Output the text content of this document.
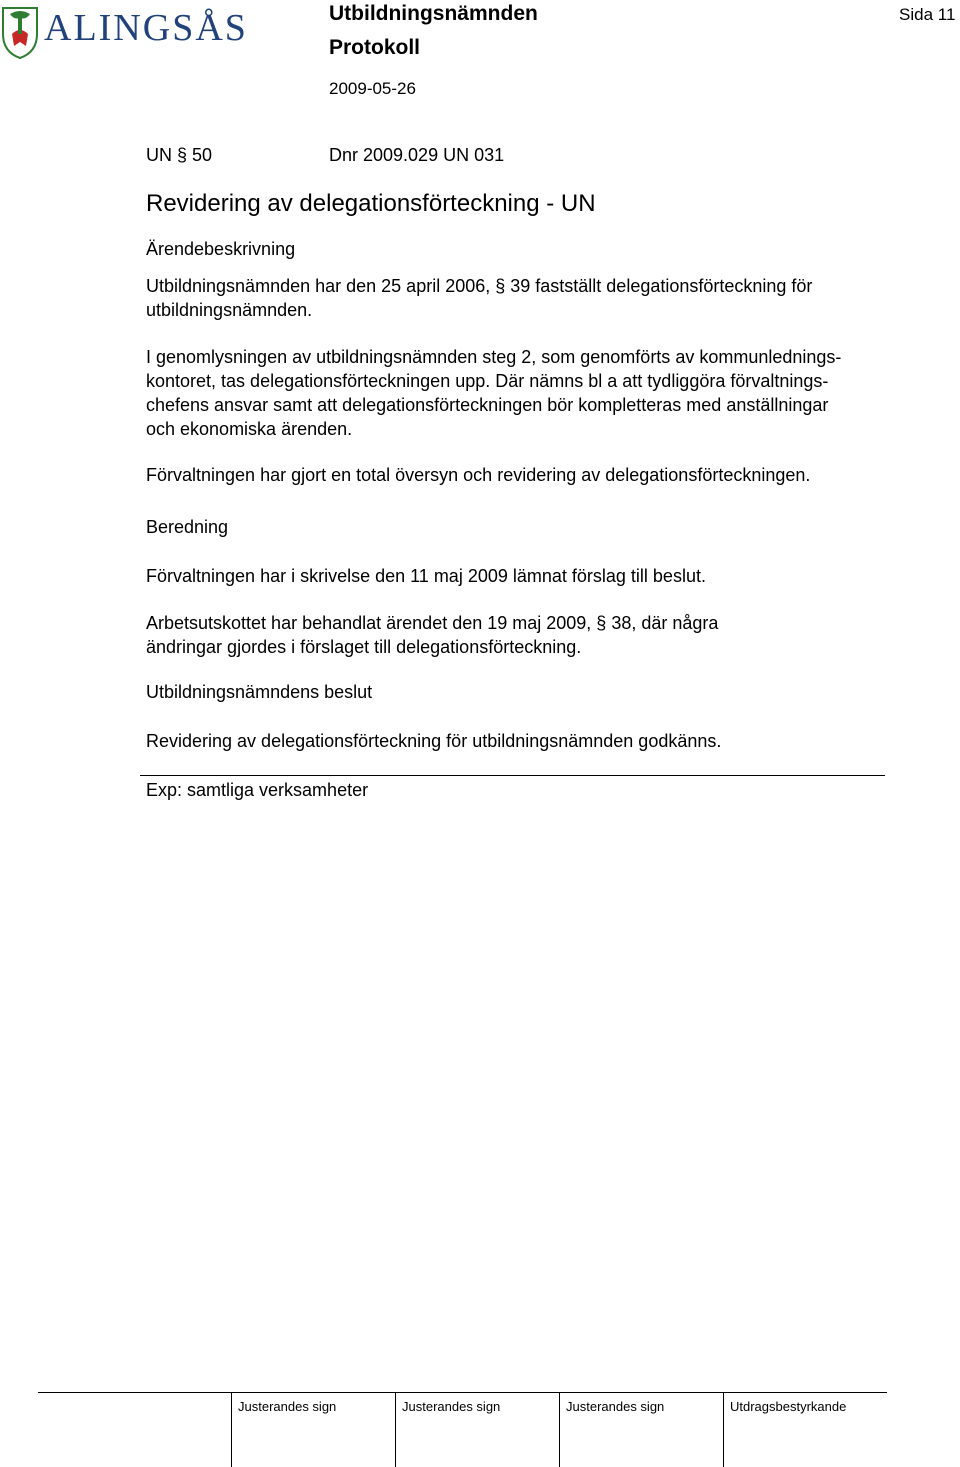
ALINGSÅS	Utbildningsnämnden
Protokoll
2009-05-26
Sida 11
UN § 50	Dnr 2009.029 UN 031
Revidering av delegationsförteckning - UN
Ärendebeskrivning

Utbildningsnämnden har den 25 april 2006, § 39 fastställt delegationsförteckning för

utbildningsnämnden.

I genomlysningen av utbildningsnämnden steg 2, som genomförts av kommunlednings-

kontoret, tas delegationsförteckningen upp. Där nämns bl a att tydliggöra förvaltnings-

chefens ansvar samt att delegationsförteckningen bör kompletteras med anställningar

och ekonomiska ärenden.

Förvaltningen har gjort en total översyn och revidering av delegationsförteckningen.

Beredning

Förvaltningen har i skrivelse den 11 maj 2009 lämnat förslag till beslut.

Arbetsutskottet har behandlat ärendet den 19 maj 2009, § 38, där några

ändringar gjordes i förslaget till delegationsförteckning.

Utbildningsnämndens beslut

Revidering av delegationsförteckning för utbildningsnämnden godkänns.

Exp: samtliga verksamheter

Justerandes sign	Justerandes sign	Justerandes sign	Utdragsbestyrkande
